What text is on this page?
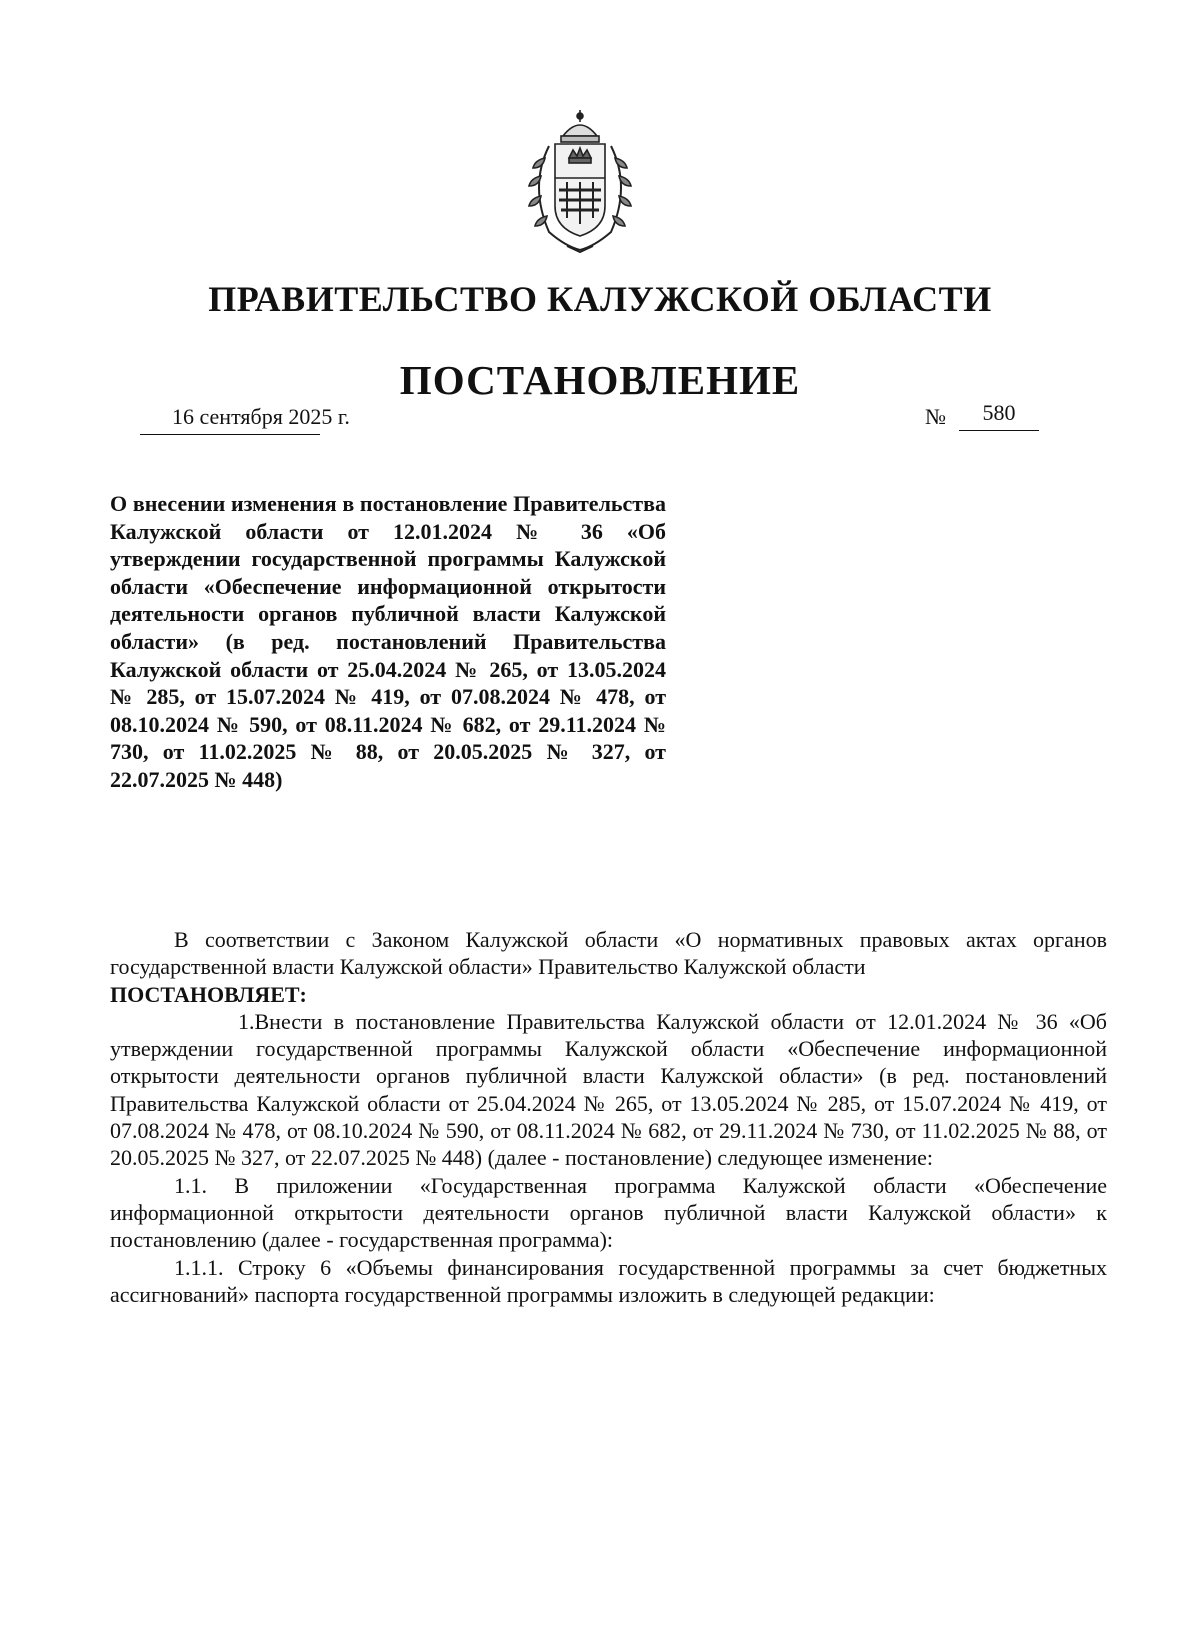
ПРАВИТЕЛЬСТВО КАЛУЖСКОЙ ОБЛАСТИ
ПОСТАНОВЛЕНИЕ
16 сентября 2025 г.	№	580
О внесении изменения в постановление Правительства Калужской области от 12.01.2024 № 36 «Об утверждении государственной программы Калужской области «Обеспечение информационной открытости деятельности органов публичной власти Калужской области» (в ред. постановлений Правительства Калужской области от 25.04.2024 № 265, от 13.05.2024 № 285, от 15.07.2024 № 419, от 07.08.2024 № 478, от 08.10.2024 № 590, от 08.11.2024 № 682, от 29.11.2024 № 730, от 11.02.2025 № 88, от 20.05.2025 № 327, от 22.07.2025 № 448)

В соответствии с Законом Калужской области «О нормативных правовых актах органов государственной власти Калужской области» Правительство Калужской области

ПОСТАНОВЛЯЕТ:

1.Внести в постановление Правительства Калужской области от 12.01.2024 № 36 «Об утверждении государственной программы Калужской области «Обеспечение информационной открытости деятельности органов публичной власти Калужской области» (в ред. постановлений Правительства Калужской области от 25.04.2024 № 265, от 13.05.2024 № 285, от 15.07.2024 № 419, от 07.08.2024 № 478, от 08.10.2024 № 590, от 08.11.2024 № 682, от 29.11.2024 № 730, от 11.02.2025 № 88, от 20.05.2025 № 327, от 22.07.2025 № 448) (далее - постановление) следующее изменение:

1.1. В приложении «Государственная программа Калужской области «Обеспечение информационной открытости деятельности органов публичной власти Калужской области» к постановлению (далее - государственная программа):

1.1.1. Строку 6 «Объемы финансирования государственной программы за счет бюджетных ассигнований» паспорта государственной программы изложить в следующей редакции:
